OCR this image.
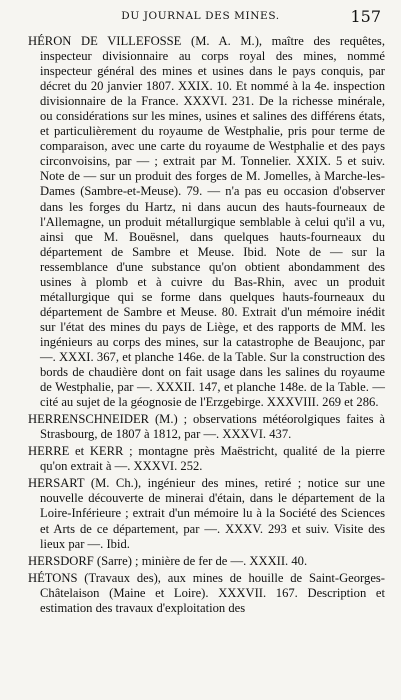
DU JOURNAL DES MINES.	157

HÉRON DE VILLEFOSSE (M. A. M.), maître des requêtes, inspecteur divisionnaire au corps royal des mines, nommé inspecteur général des mines et usines dans le pays conquis, par décret du 20 janvier 1807. XXIX. 10. Et nommé à la 4e. inspection divisionnaire de la France. XXXVI. 231. De la richesse minérale, ou considérations sur les mines, usines et salines des différens états, et particulièrement du royaume de Westphalie, pris pour terme de comparaison, avec une carte du royaume de Westphalie et des pays circonvoisins, par — ; extrait par M. Tonnelier. XXIX. 5 et suiv. Note de — sur un produit des forges de M. Jomelles, à Marche-les-Dames (Sambre-et-Meuse). 79. — n'a pas eu occasion d'observer dans les forges du Hartz, ni dans aucun des hauts-fourneaux de l'Allemagne, un produit métallurgique semblable à celui qu'il a vu, ainsi que M. Bouësnel, dans quelques hauts-fourneaux du département de Sambre et Meuse. Ibid. Note de — sur la ressemblance d'une substance qu'on obtient abondamment des usines à plomb et à cuivre du Bas-Rhin, avec un produit métallurgique qui se forme dans quelques hauts-fourneaux du département de Sambre et Meuse. 80. Extrait d'un mémoire inédit sur l'état des mines du pays de Liège, et des rapports de MM. les ingénieurs au corps des mines, sur la catastrophe de Beaujonc, par —. XXXI. 367, et planche 146e. de la Table. Sur la construction des bords de chaudière dont on fait usage dans les salines du royaume de Westphalie, par —. XXXII. 147, et planche 148e. de la Table. — cité au sujet de la géognosie de l'Erzgebirge. XXXVIII. 269 et 286.

HERRENSCHNEIDER (M.) ; observations météorolgiques faites à Strasbourg, de 1807 à 1812, par —. XXXVI. 437.

HERRE et KERR ; montagne près Maëstricht, qualité de la pierre qu'on extrait à —. XXXVI. 252.

HERSART (M. Ch.), ingénieur des mines, retiré ; notice sur une nouvelle découverte de minerai d'étain, dans le département de la Loire-Inférieure ; extrait d'un mémoire lu à la Société des Sciences et Arts de ce département, par —. XXXV. 293 et suiv. Visite des lieux par —. Ibid.

HERSDORF (Sarre) ; minière de fer de —. XXXII. 40.

HÉTONS (Travaux des), aux mines de houille de Saint-Georges-Châtelaison (Maine et Loire). XXXVII. 167. Description et estimation des travaux d'exploitation des
